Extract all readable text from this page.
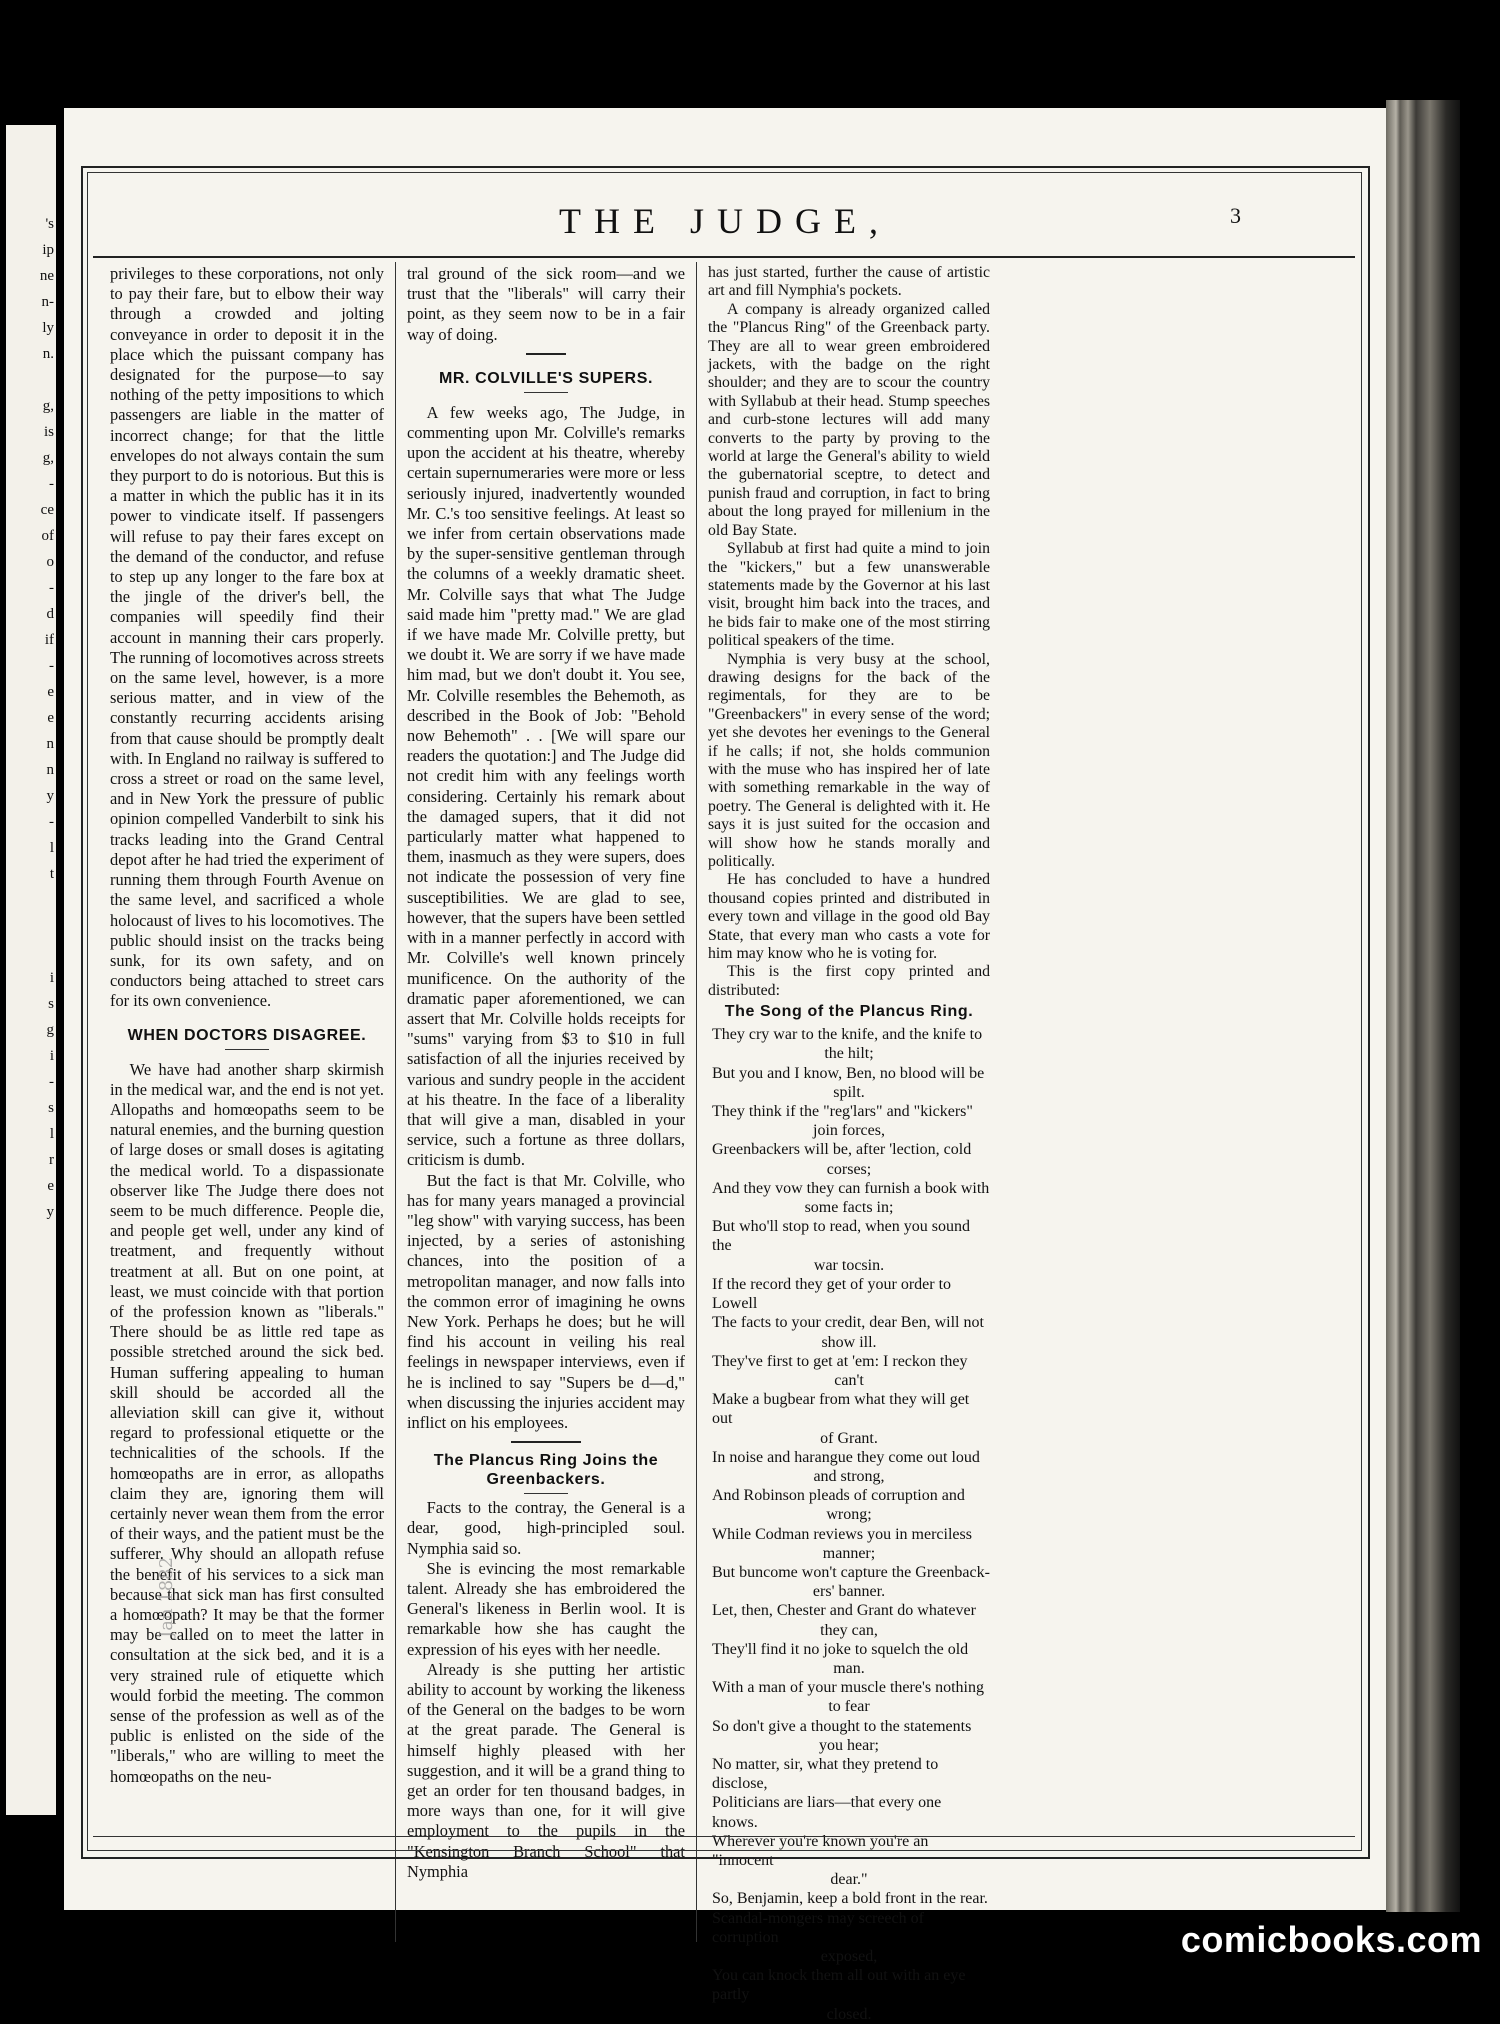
's
ip
ne
n-
ly
n.
g,
is
g,
-
ce
of
o
-
d
if
-
e
e
n
n
y
-
l
t
i
s
g
i
-
s
l
r
e
y
THE JUDGE,	3

privileges to these corporations, not only to pay their fare, but to elbow their way through a crowded and jolting conveyance in order to deposit it in the place which the puissant company has designated for the purpose—to say nothing of the petty impositions to which passengers are liable in the matter of incorrect change; for that the little envelopes do not always contain the sum they purport to do is notorious. But this is a matter in which the public has it in its power to vindicate itself. If passengers will refuse to pay their fares except on the demand of the conductor, and refuse to step up any longer to the fare box at the jingle of the driver's bell, the companies will speedily find their account in manning their cars properly. The running of locomotives across streets on the same level, however, is a more serious matter, and in view of the constantly recurring accidents arising from that cause should be promptly dealt with. In England no railway is suffered to cross a street or road on the same level, and in New York the pressure of public opinion compelled Vanderbilt to sink his tracks leading into the Grand Central depot after he had tried the experiment of running them through Fourth Avenue on the same level, and sacrificed a whole holocaust of lives to his locomotives. The public should insist on the tracks being sunk, for its own safety, and on conductors being attached to street cars for its own convenience.

WHEN DOCTORS DISAGREE.

We have had another sharp skirmish in the medical war, and the end is not yet. Allopaths and homœopaths seem to be natural enemies, and the burning question of large doses or small doses is agitating the medical world. To a dispassionate observer like The Judge there does not seem to be much difference. People die, and people get well, under any kind of treatment, and frequently without treatment at all. But on one point, at least, we must coincide with that portion of the profession known as "liberals." There should be as little red tape as possible stretched around the sick bed. Human suffering appealing to human skill should be accorded all the alleviation skill can give it, without regard to professional etiquette or the technicalities of the schools. If the homœopaths are in error, as allopaths claim they are, ignoring them will certainly never wean them from the error of their ways, and the patient must be the sufferer. Why should an allopath refuse the benefit of his services to a sick man because that sick man has first consulted a homœopath? It may be that the former may be called on to meet the latter in consultation at the sick bed, and it is a very strained rule of etiquette which would forbid the meeting. The common sense of the profession as well as of the public is enlisted on the side of the "liberals," who are willing to meet the homœopaths on the neu-

tral ground of the sick room—and we trust that the "liberals" will carry their point, as they seem now to be in a fair way of doing.

MR. COLVILLE'S SUPERS.

A few weeks ago, The Judge, in commenting upon Mr. Colville's remarks upon the accident at his theatre, whereby certain supernumeraries were more or less seriously injured, inadvertently wounded Mr. C.'s too sensitive feelings. At least so we infer from certain observations made by the super-sensitive gentleman through the columns of a weekly dramatic sheet. Mr. Colville says that what The Judge said made him "pretty mad." We are glad if we have made Mr. Colville pretty, but we doubt it. We are sorry if we have made him mad, but we don't doubt it. You see, Mr. Colville resembles the Behemoth, as described in the Book of Job: "Behold now Behemoth" . . [We will spare our readers the quotation:] and The Judge did not credit him with any feelings worth considering. Certainly his remark about the damaged supers, that it did not particularly matter what happened to them, inasmuch as they were supers, does not indicate the possession of very fine susceptibilities. We are glad to see, however, that the supers have been settled with in a manner perfectly in accord with Mr. Colville's well known princely munificence. On the authority of the dramatic paper aforementioned, we can assert that Mr. Colville holds receipts for "sums" varying from $3 to $10 in full satisfaction of all the injuries received by various and sundry people in the accident at his theatre. In the face of a liberality that will give a man, disabled in your service, such a fortune as three dollars, criticism is dumb.

But the fact is that Mr. Colville, who has for many years managed a provincial "leg show" with varying success, has been injected, by a series of astonishing chances, into the position of a metropolitan manager, and now falls into the common error of imagining he owns New York. Perhaps he does; but he will find his account in veiling his real feelings in newspaper interviews, even if he is inclined to say "Supers be d—d," when discussing the injuries accident may inflict on his employees.

The Plancus Ring Joins the Greenbackers.

Facts to the contray, the General is a dear, good, high-principled soul. Nymphia said so.

She is evincing the most remarkable talent. Already she has embroidered the General's likeness in Berlin wool. It is remarkable how she has caught the expression of his eyes with her needle.

Already is she putting her artistic ability to account by working the likeness of the General on the badges to be worn at the great parade. The General is himself highly pleased with her suggestion, and it will be a grand thing to get an order for ten thousand badges, in more ways than one, for it will give employment to the pupils in the "Kensington Branch School" that Nymphia

has just started, further the cause of artistic art and fill Nymphia's pockets.

A company is already organized called the "Plancus Ring" of the Greenback party. They are all to wear green embroidered jackets, with the badge on the right shoulder; and they are to scour the country with Syllabub at their head. Stump speeches and curb-stone lectures will add many converts to the party by proving to the world at large the General's ability to wield the gubernatorial sceptre, to detect and punish fraud and corruption, in fact to bring about the long prayed for millenium in the old Bay State.

Syllabub at first had quite a mind to join the "kickers," but a few unanswerable statements made by the Governor at his last visit, brought him back into the traces, and he bids fair to make one of the most stirring political speakers of the time.

Nymphia is very busy at the school, drawing designs for the back of the regimentals, for they are to be "Greenbackers" in every sense of the word; yet she devotes her evenings to the General if he calls; if not, she holds communion with the muse who has inspired her of late with something remarkable in the way of poetry. The General is delighted with it. He says it is just suited for the occasion and will show how he stands morally and politically.

He has concluded to have a hundred thousand copies printed and distributed in every town and village in the good old Bay State, that every man who casts a vote for him may know who he is voting for.

This is the first copy printed and distributed:

The Song of the Plancus Ring.
They cry war to the knife, and the knife to
the hilt;
But you and I know, Ben, no blood will be
spilt.
They think if the "reg'lars" and "kickers"
join forces,
Greenbackers will be, after 'lection, cold
corses;
And they vow they can furnish a book with
some facts in;
But who'll stop to read, when you sound the
war tocsin.
If the record they get of your order to Lowell
The facts to your credit, dear Ben, will not
show ill.
They've first to get at 'em: I reckon they
can't
Make a bugbear from what they will get out
of Grant.
In noise and harangue they come out loud
and strong,
And Robinson pleads of corruption and
wrong;
While Codman reviews you in merciless
manner;
But buncome won't capture the Greenback-
ers' banner.
Let, then, Chester and Grant do whatever
they can,
They'll find it no joke to squelch the old
man.
With a man of your muscle there's nothing
to fear
So don't give a thought to the statements
you hear;
No matter, sir, what they pretend to disclose,
Politicians are liars—that every one knows.
Wherever you're known you're an "innocent
dear."
So, Benjamin, keep a bold front in the rear.
Scandal-mongers may screech of corruption
exposed,
You can knock them all out with an eye partly
closed.
Jan 1882
comicbooks.com
